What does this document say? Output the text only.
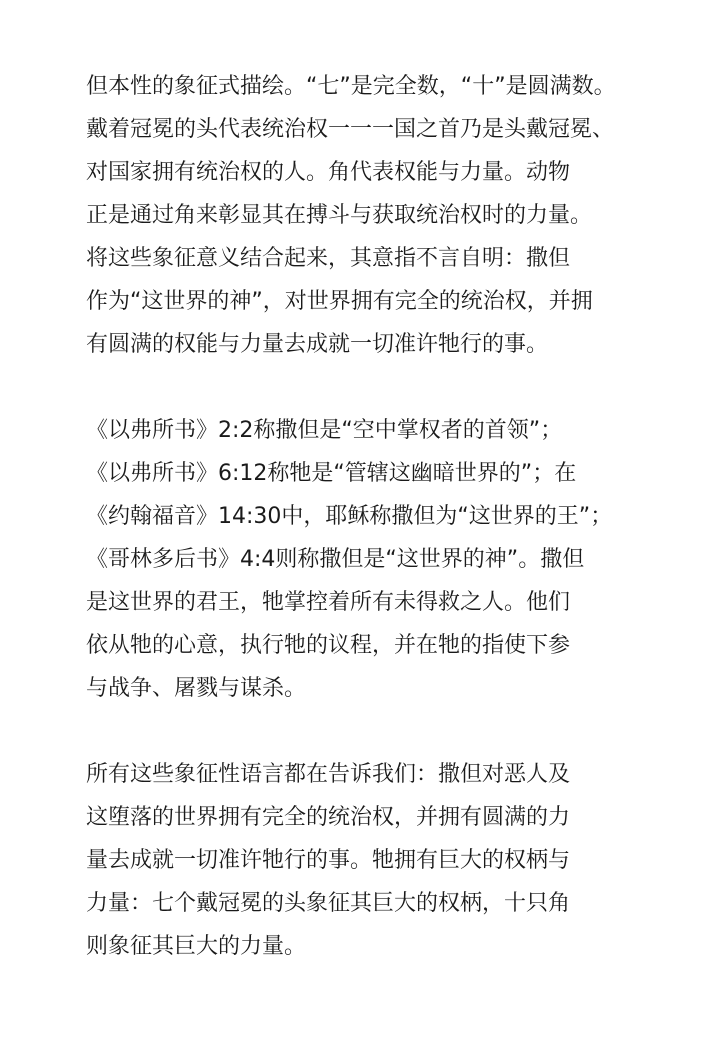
但本性的象征式描绘。“七”是完全数，“十”是圆满数。
戴着冠冕的头代表统治权一一一国之首乃是头戴冠冕、
对国家拥有统治权的人。角代表权能与力量。动物
正是通过角来彰显其在搏斗与获取统治权时的力量。
将这些象征意义结合起来，其意指不言自明：撒但
作为“这世界的神”，对世界拥有完全的统治权，并拥
有圆满的权能与力量去成就一切准许牠行的事。
《以弗所书》2:2称撒但是“空中掌权者的首领”；
《以弗所书》6:12称牠是“管辖这幽暗世界的”；在
《约翰福音》14:30中，耶稣称撒但为“这世界的王”；
《哥林多后书》4:4则称撒但是“这世界的神”。撒但
是这世界的君王，牠掌控着所有未得救之人。他们
依从牠的心意，执行牠的议程，并在牠的指使下参
与战争、屠戮与谋杀。
所有这些象征性语言都在告诉我们：撒但对恶人及
这堕落的世界拥有完全的统治权，并拥有圆满的力
量去成就一切准许牠行的事。牠拥有巨大的权柄与
力量：七个戴冠冕的头象征其巨大的权柄，十只角
则象征其巨大的力量。
